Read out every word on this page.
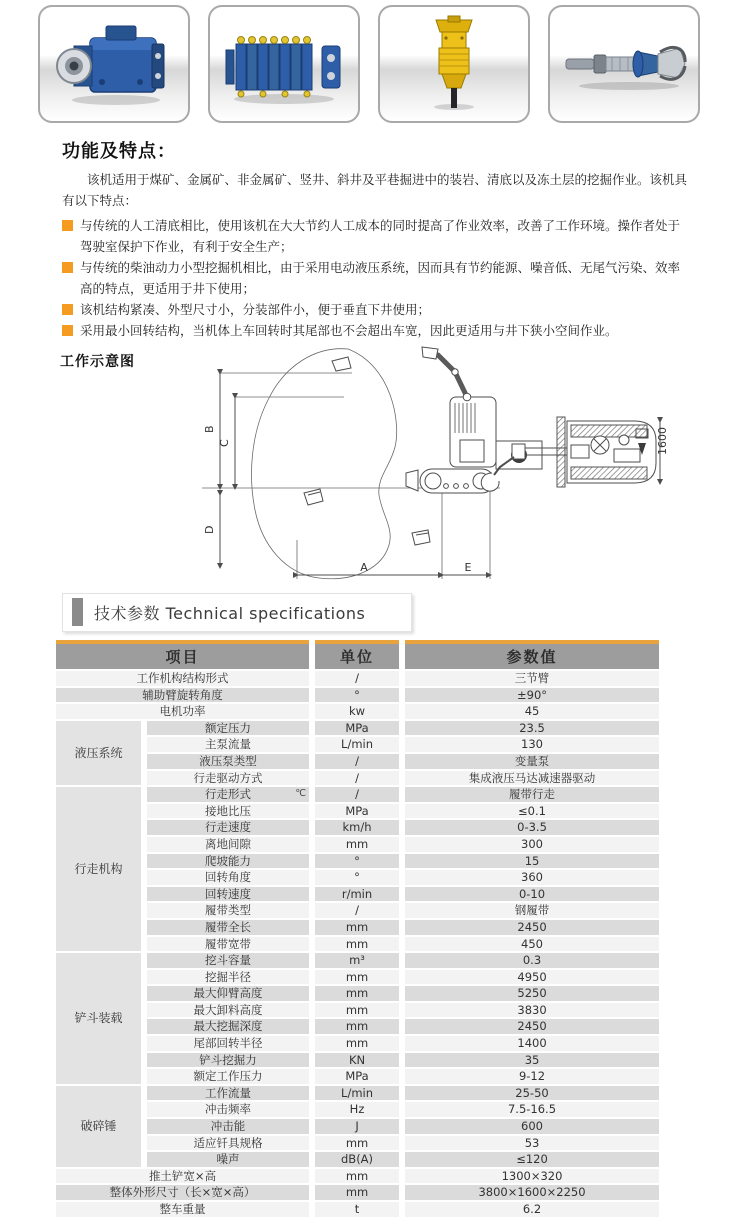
功能及特点：

该机适用于煤矿、金属矿、非金属矿、竖井、斜井及平巷掘进中的装岩、清底以及冻土层的挖掘作业。该机具有以下特点：

与传统的人工清底相比，使用该机在大大节约人工成本的同时提高了作业效率，改善了工作环境。操作者处于驾驶室保护下作业，有利于安全生产；
与传统的柴油动力小型挖掘机相比，由于采用电动液压系统，因而具有节约能源、噪音低、无尾气污染、效率高的特点，更适用于井下使用；
该机结构紧凑、外型尺寸小，分装部件小，便于垂直下井使用；
采用最小回转结构，当机体上车回转时其尾部也不会超出车宽，因此更适用与井下狭小空间作业。
工作示意图
B
C
D
A	E
1600
技术参数 Technical specifications
项目		单位	参数值
工作机构结构形式		/	三节臂
辅助臂旋转角度		°	±90°
电机功率		kw	45
液压系统	额定压力	MPa	23.5
	主泵流量	L/min	130
	液压泵类型	/	变量泵
	行走驱动方式	/	集成液压马达减速器驱动
行走机构	行走形式 ℃	/	履带行走
	接地比压	MPa	≤0.1
	行走速度	km/h	0-3.5
	离地间隙	mm	300
	爬坡能力	°	15
	回转角度	°	360
	回转速度	r/min	0-10
	履带类型	/	钢履带
	履带全长	mm	2450
	履带宽带	mm	450
铲斗装载	挖斗容量	m³	0.3
	挖掘半径	mm	4950
	最大仰臂高度	mm	5250
	最大卸料高度	mm	3830
	最大挖掘深度	mm	2450
	尾部回转半径	mm	1400
	铲斗挖掘力	KN	35
	额定工作压力	MPa	9-12
破碎锤	工作流量	L/min	25-50
	冲击频率	Hz	7.5-16.5
	冲击能	J	600
	适应钎具规格	mm	53
	噪声	dB(A)	≤120
推土铲宽×高		mm	1300×320
整体外形尺寸（长×宽×高）		mm	3800×1600×2250
整车重量		t	6.2
